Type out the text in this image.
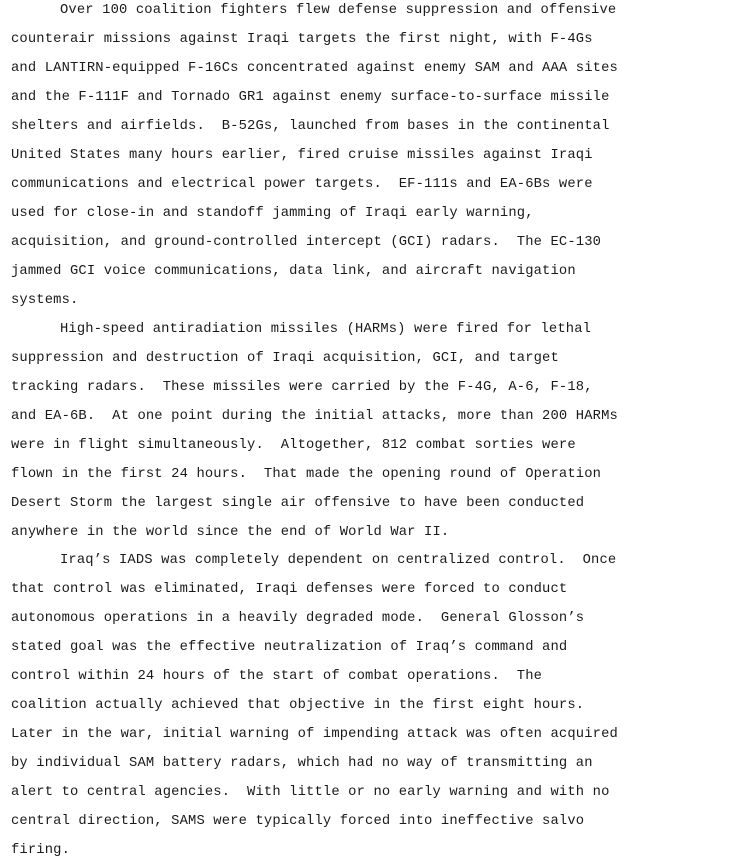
Over 100 coalition fighters flew defense suppression and offensive

counterair missions against Iraqi targets the first night, with F-4Gs

and LANTIRN-equipped F-16Cs concentrated against enemy SAM and AAA sites

and the F-111F and Tornado GR1 against enemy surface-to-surface missile

shelters and airfields.  B-52Gs, launched from bases in the continental

United States many hours earlier, fired cruise missiles against Iraqi

communications and electrical power targets.  EF-111s and EA-6Bs were

used for close-in and standoff jamming of Iraqi early warning,

acquisition, and ground-controlled intercept (GCI) radars.  The EC-130

jammed GCI voice communications, data link, and aircraft navigation

systems.

High-speed antiradiation missiles (HARMs) were fired for lethal

suppression and destruction of Iraqi acquisition, GCI, and target

tracking radars.  These missiles were carried by the F-4G, A-6, F-18,

and EA-6B.  At one point during the initial attacks, more than 200 HARMs

were in flight simultaneously.  Altogether, 812 combat sorties were

flown in the first 24 hours.  That made the opening round of Operation

Desert Storm the largest single air offensive to have been conducted

anywhere in the world since the end of World War II.

Iraq’s IADS was completely dependent on centralized control.  Once

that control was eliminated, Iraqi defenses were forced to conduct

autonomous operations in a heavily degraded mode.  General Glosson’s

stated goal was the effective neutralization of Iraq’s command and

control within 24 hours of the start of combat operations.  The

coalition actually achieved that objective in the first eight hours.

Later in the war, initial warning of impending attack was often acquired

by individual SAM battery radars, which had no way of transmitting an

alert to central agencies.  With little or no early warning and with no

central direction, SAMS were typically forced into ineffective salvo

firing.
